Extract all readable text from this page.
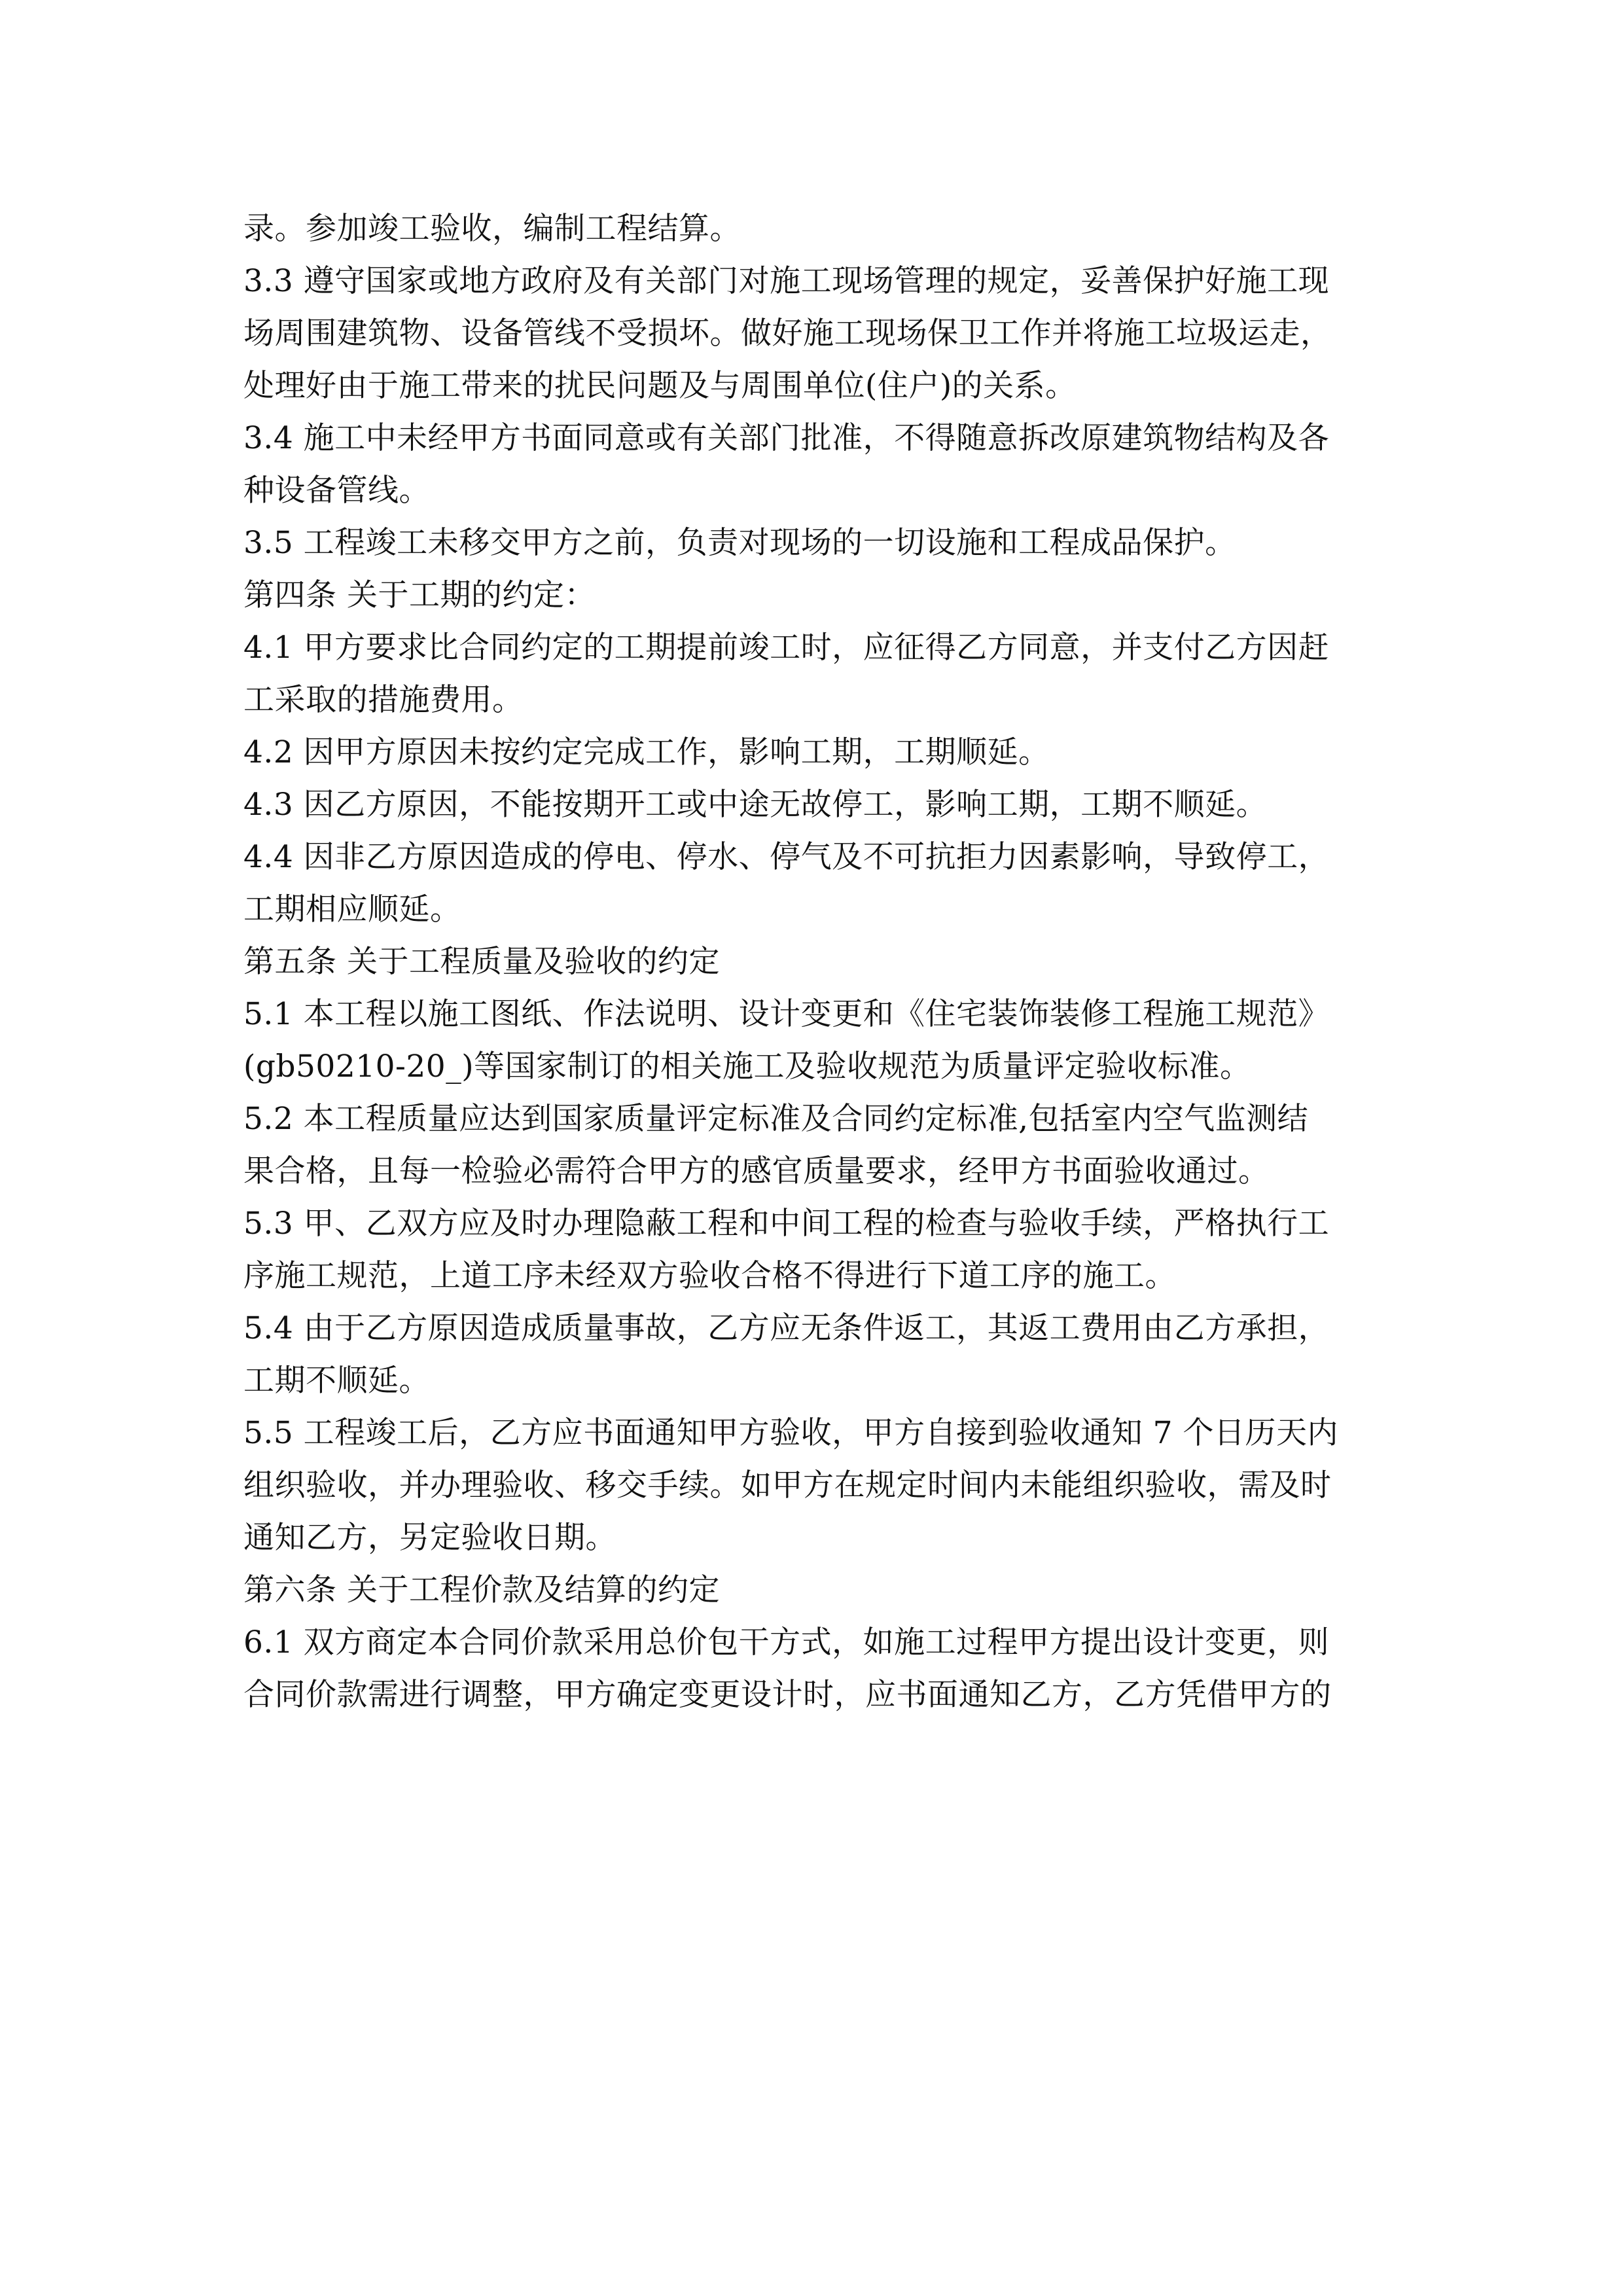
录。参加竣工验收，编制工程结算。
3.3 遵守国家或地方政府及有关部门对施工现场管理的规定，妥善保护好施工现
场周围建筑物、设备管线不受损坏。做好施工现场保卫工作并将施工垃圾运走，
处理好由于施工带来的扰民问题及与周围单位(住户)的关系。
3.4 施工中未经甲方书面同意或有关部门批准，不得随意拆改原建筑物结构及各
种设备管线。
3.5 工程竣工未移交甲方之前，负责对现场的一切设施和工程成品保护。
第四条 关于工期的约定：
4.1 甲方要求比合同约定的工期提前竣工时，应征得乙方同意，并支付乙方因赶
工采取的措施费用。
4.2 因甲方原因未按约定完成工作，影响工期，工期顺延。
4.3 因乙方原因，不能按期开工或中途无故停工，影响工期，工期不顺延。
4.4 因非乙方原因造成的停电、停水、停气及不可抗拒力因素影响，导致停工，
工期相应顺延。
第五条 关于工程质量及验收的约定
5.1 本工程以施工图纸、作法说明、设计变更和《住宅装饰装修工程施工规范》
(gb50210-20_)等国家制订的相关施工及验收规范为质量评定验收标准。
5.2 本工程质量应达到国家质量评定标准及合同约定标准,包括室内空气监测结
果合格，且每一检验必需符合甲方的感官质量要求，经甲方书面验收通过。
5.3 甲、乙双方应及时办理隐蔽工程和中间工程的检查与验收手续，严格执行工
序施工规范，上道工序未经双方验收合格不得进行下道工序的施工。
5.4 由于乙方原因造成质量事故，乙方应无条件返工，其返工费用由乙方承担，
工期不顺延。
5.5 工程竣工后，乙方应书面通知甲方验收，甲方自接到验收通知 7 个日历天内
组织验收，并办理验收、移交手续。如甲方在规定时间内未能组织验收，需及时
通知乙方，另定验收日期。
第六条 关于工程价款及结算的约定
6.1 双方商定本合同价款采用总价包干方式，如施工过程甲方提出设计变更，则
合同价款需进行调整，甲方确定变更设计时，应书面通知乙方，乙方凭借甲方的
